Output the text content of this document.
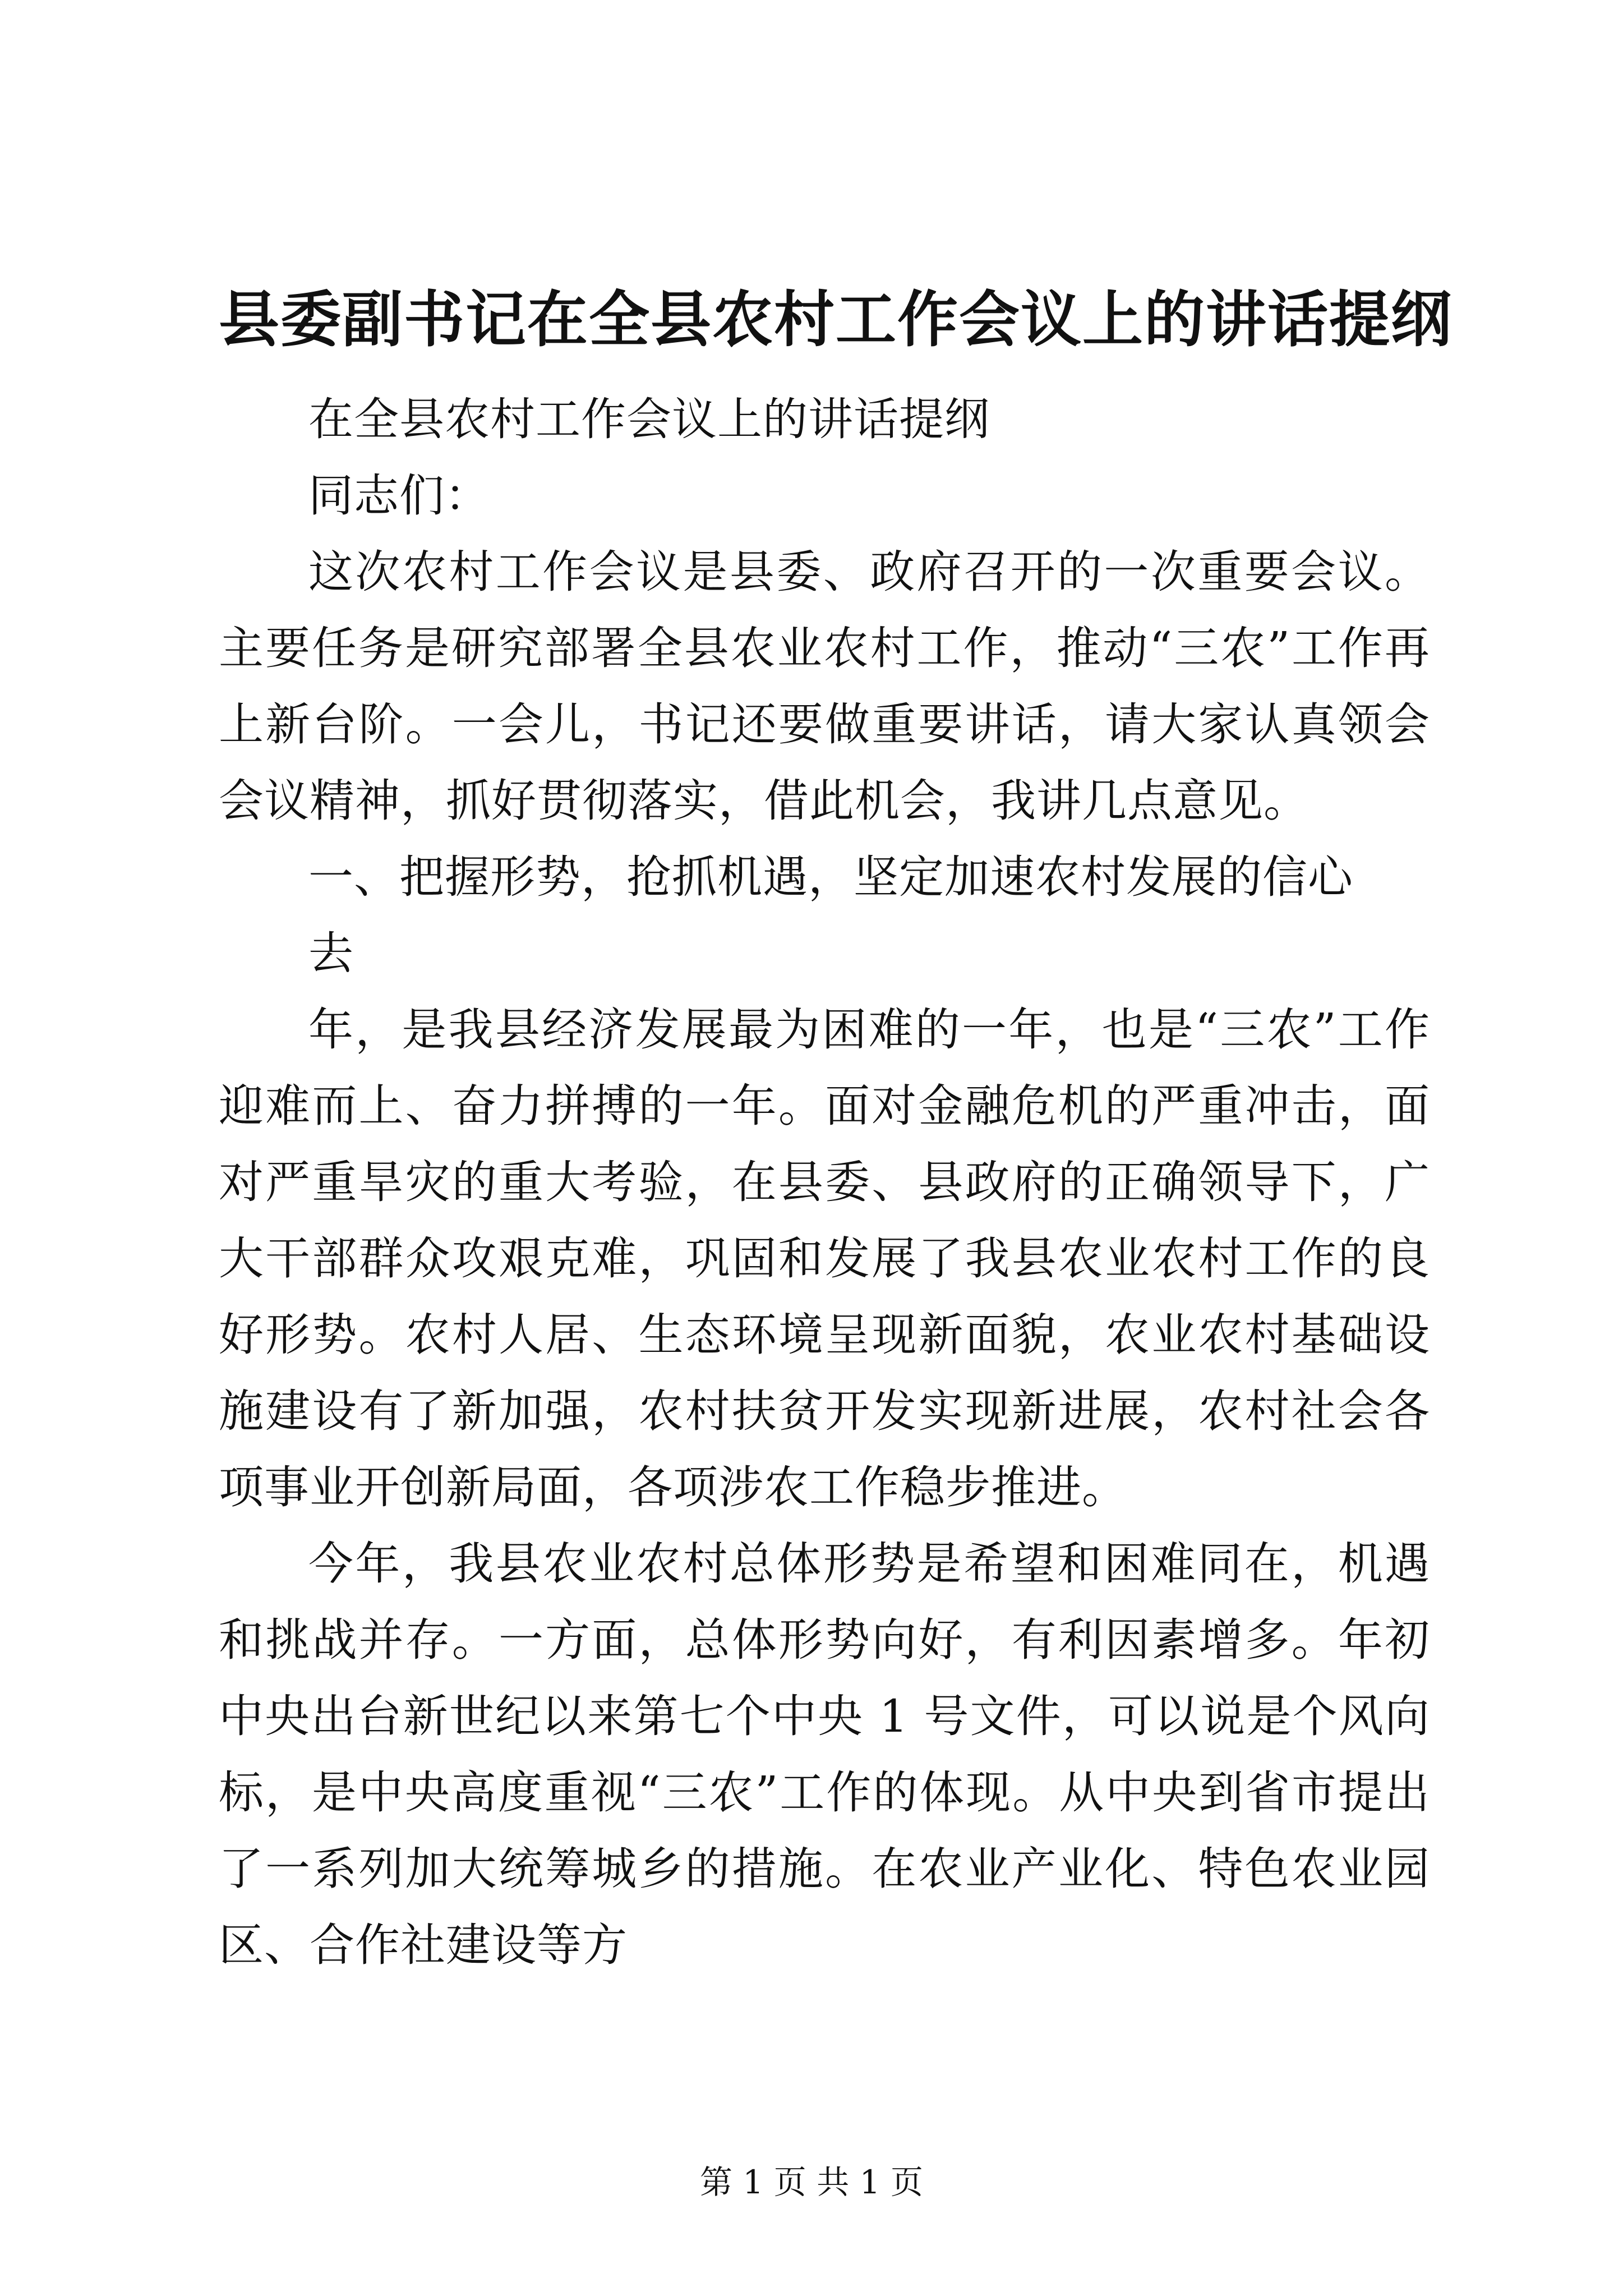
县委副书记在全县农村工作会议上的讲话提纲

在全县农村工作会议上的讲话提纲

同志们：

这次农村工作会议是县委、政府召开的一次重要会议。主要任务是研究部署全县农业农村工作，推动“三农”工作再上新台阶。一会儿，书记还要做重要讲话，请大家认真领会会议精神，抓好贯彻落实，借此机会，我讲几点意见。

一、把握形势，抢抓机遇，坚定加速农村发展的信心

去

年，是我县经济发展最为困难的一年，也是“三农”工作迎难而上、奋力拼搏的一年。面对金融危机的严重冲击，面对严重旱灾的重大考验，在县委、县政府的正确领导下，广大干部群众攻艰克难，巩固和发展了我县农业农村工作的良好形势。农村人居、生态环境呈现新面貌，农业农村基础设施建设有了新加强，农村扶贫开发实现新进展，农村社会各项事业开创新局面，各项涉农工作稳步推进。

今年，我县农业农村总体形势是希望和困难同在，机遇和挑战并存。一方面，总体形势向好，有利因素增多。年初中央出台新世纪以来第七个中央 1 号文件，可以说是个风向标，是中央高度重视“三农”工作的体现。从中央到省市提出了一系列加大统筹城乡的措施。在农业产业化、特色农业园区、合作社建设等方

第 1 页 共 1 页
